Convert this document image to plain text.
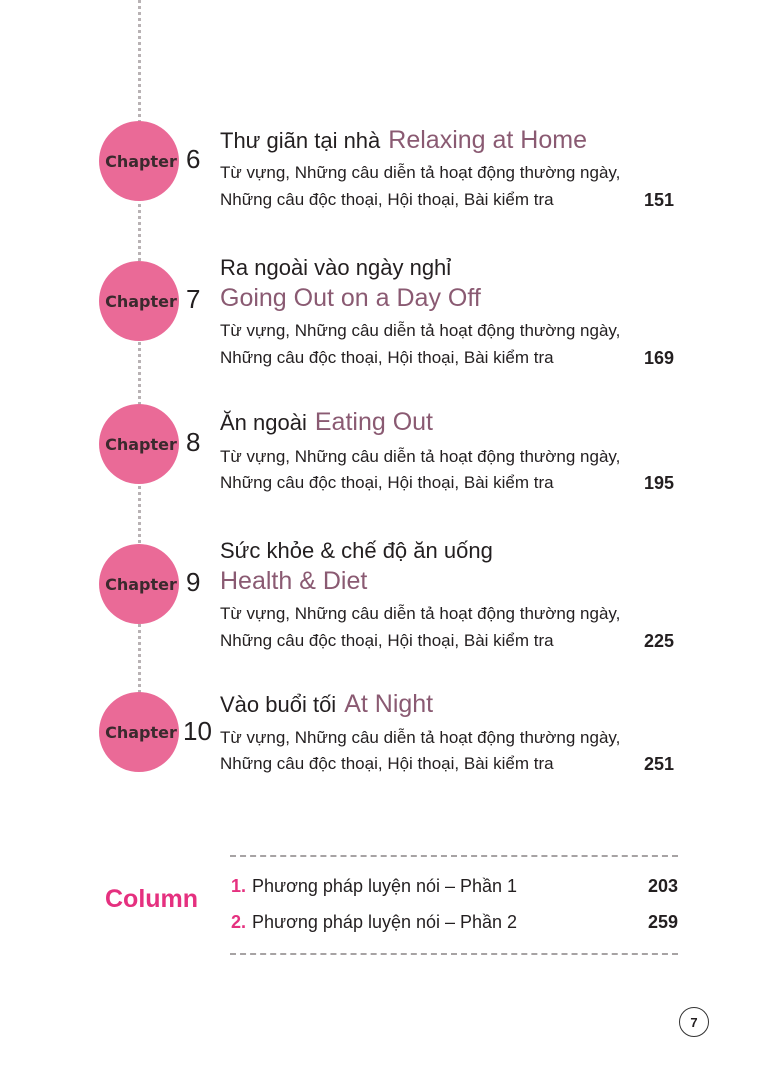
Chapter 6
Thư giãn tại nhà Relaxing at Home
Từ vựng, Những câu diễn tả hoạt động thường ngày,
Những câu độc thoại, Hội thoại, Bài kiểm tra	151
Chapter 7
Ra ngoài vào ngày nghỉ
Going Out on a Day Off
Từ vựng, Những câu diễn tả hoạt động thường ngày,
Những câu độc thoại, Hội thoại, Bài kiểm tra	169
Chapter 8
Ăn ngoài Eating Out
Từ vựng, Những câu diễn tả hoạt động thường ngày,
Những câu độc thoại, Hội thoại, Bài kiểm tra	195
Chapter 9
Sức khỏe & chế độ ăn uống
Health & Diet
Từ vựng, Những câu diễn tả hoạt động thường ngày,
Những câu độc thoại, Hội thoại, Bài kiểm tra	225
Chapter 10
Vào buổi tối At Night
Từ vựng, Những câu diễn tả hoạt động thường ngày,
Những câu độc thoại, Hội thoại, Bài kiểm tra	251
Column 1. Phương pháp luyện nói – Phần 1	203
2. Phương pháp luyện nói – Phần 2	259
7
